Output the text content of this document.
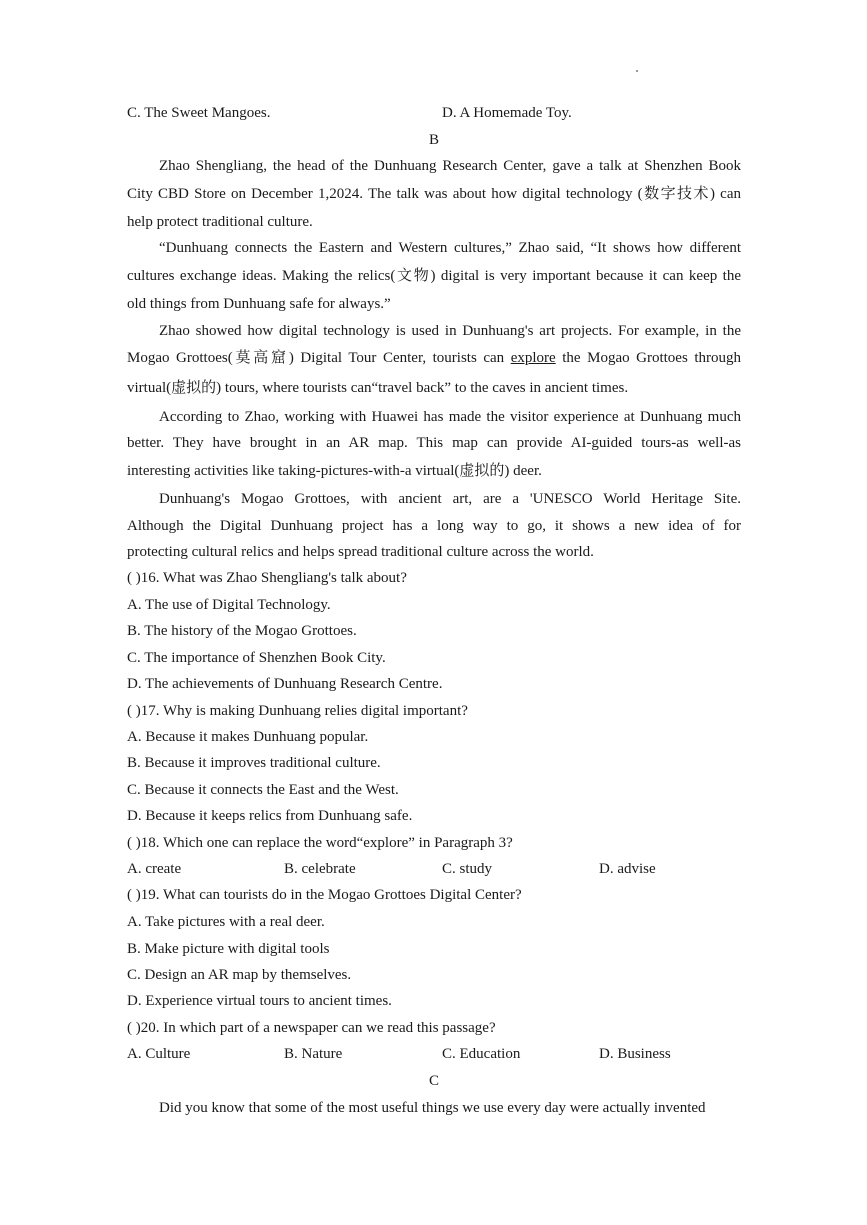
C. The Sweet Mangoes.	D. A Homemade Toy.
B
Zhao Shengliang, the head of the Dunhuang Research Center, gave a talk at Shenzhen Book
City CBD Store on December 1,2024. The talk was about how digital technology (数字技术) can
help protect traditional culture.
“Dunhuang connects the Eastern and Western cultures,” Zhao said, “It shows how different
cultures exchange ideas. Making the relics(文物) digital is very important because it can keep the
old things from Dunhuang safe for always.”
Zhao showed how digital technology is used in Dunhuang's art projects. For example, in the
Mogao Grottoes(莫高窟) Digital Tour Center, tourists can explore the Mogao Grottoes through
virtual(虚拟的) tours, where tourists can“travel back” to the caves in ancient times.
According to Zhao, working with Huawei has made the visitor experience at Dunhuang much
better. They have brought in an AR map. This map can provide AI-guided tours-as well-as
interesting activities like taking-pictures-with-a virtual(虚拟的) deer.
Dunhuang's Mogao Grottoes, with ancient art, are a 'UNESCO World Heritage Site.
Although the Digital Dunhuang project has a long way to go, it shows a new idea of for
protecting cultural relics and helps spread traditional culture across the world.
( )16. What was Zhao Shengliang's talk about?
A. The use of Digital Technology.
B. The history of the Mogao Grottoes.
C. The importance of Shenzhen Book City.
D. The achievements of Dunhuang Research Centre.
( )17. Why is making Dunhuang relies digital important?
A. Because it makes Dunhuang popular.
B. Because it improves traditional culture.
C. Because it connects the East and the West.
D. Because it keeps relics from Dunhuang safe.
( )18. Which one can replace the word“explore” in Paragraph 3?
A. create	B. celebrate	C. study	D. advise
( )19. What can tourists do in the Mogao Grottoes Digital Center?
A. Take pictures with a real deer.
B. Make picture with digital tools
C. Design an AR map by themselves.
D. Experience virtual tours to ancient times.
( )20. In which part of a newspaper can we read this passage?
A. Culture	B. Nature	C. Education	D. Business
C
Did you know that some of the most useful things we use every day were actually invented
